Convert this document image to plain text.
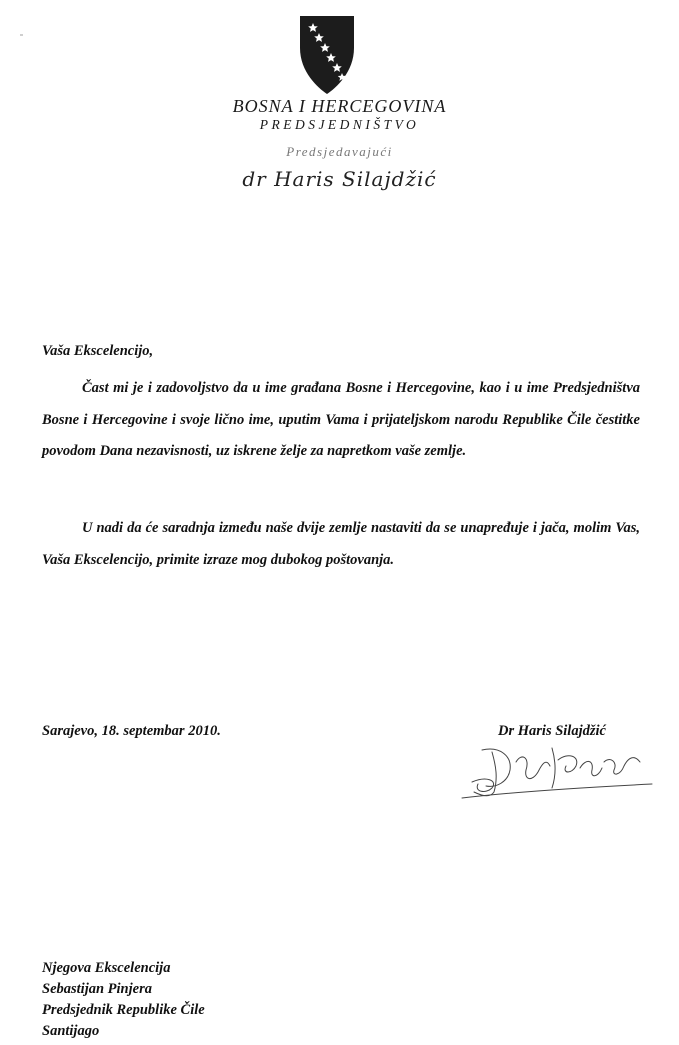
BOSNA I HERCEGOVINA

PREDSJEDNIŠTVO

Predsjedavajući

dr Haris Silajdžić

Vaša Ekscelencijo,

Čast mi je i zadovoljstvo da u ime građana Bosne i Hercegovine, kao i u ime Predsjedništva Bosne i Hercegovine i svoje lično ime, uputim Vama i prijateljskom narodu Republike Čile čestitke povodom Dana nezavisnosti, uz iskrene želje za napretkom vaše zemlje.

U nadi da će saradnja između naše dvije zemlje nastaviti da se unapređuje i jača, molim Vas, Vaša Ekscelencijo, primite izraze mog dubokog poštovanja.

Sarajevo, 18. septembar 2010.	Dr Haris Silajdžić

Njegova Ekscelencija
Sebastijan Pinjera
Predsjednik Republike Čile
Santijago
